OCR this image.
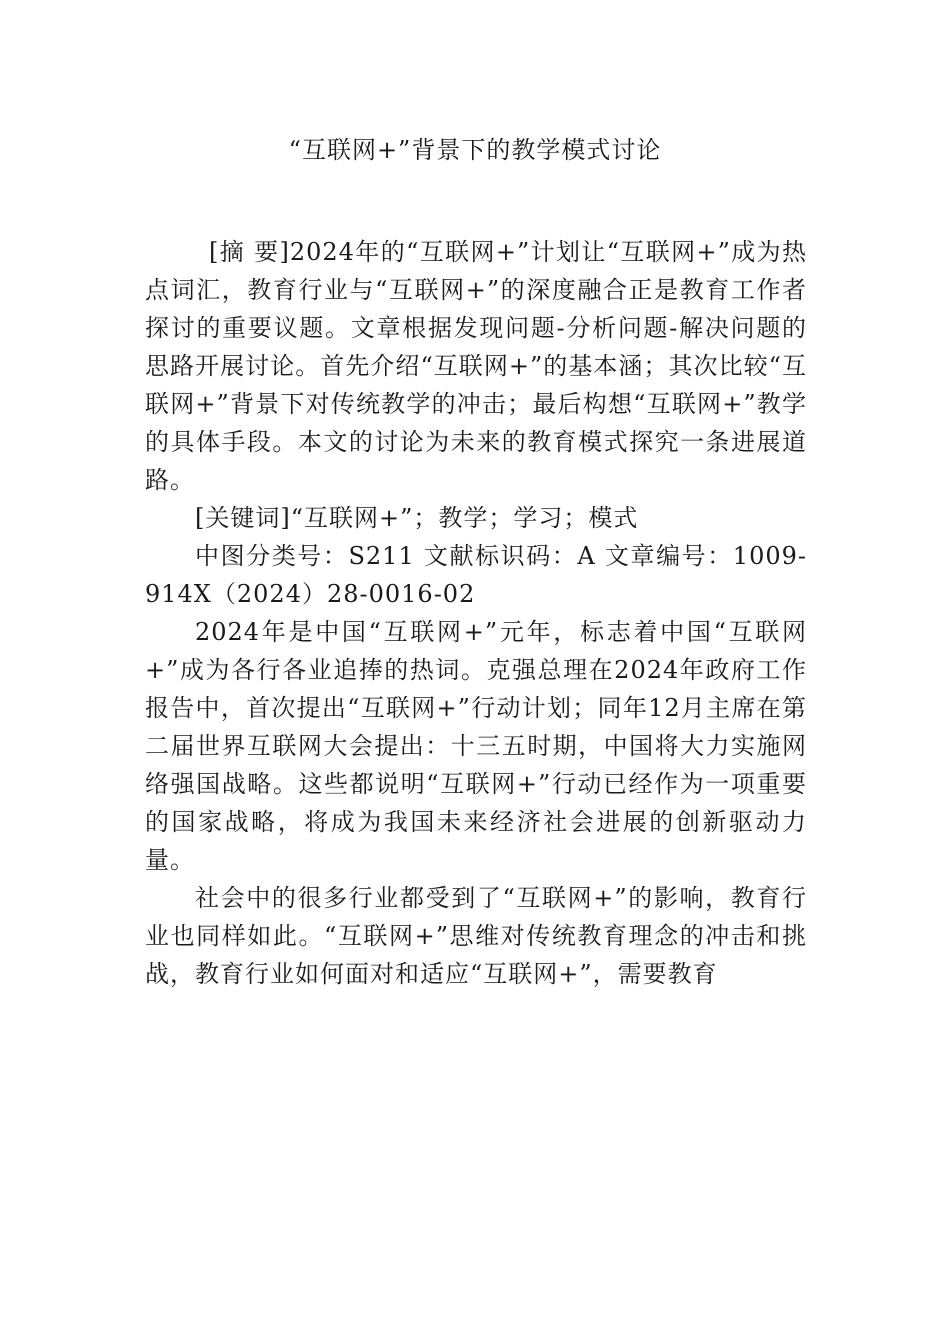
“互联网+”背景下的教学模式讨论

[摘 要]2024年的“互联网+”计划让“互联网+”成为热点词汇，教育行业与“互联网+”的深度融合正是教育工作者探讨的重要议题。文章根据发现问题-分析问题-解决问题的思路开展讨论。首先介绍“互联网+”的基本涵；其次比较“互联网+”背景下对传统教学的冲击；最后构想“互联网+”教学的具体手段。本文的讨论为未来的教育模式探究一条进展道路。

[关键词]“互联网+”；教学；学习；模式

中图分类号：S211 文献标识码：A 文章编号：1009-914X（2024）28-0016-02

2024年是中国“互联网+”元年，标志着中国“互联网+”成为各行各业追捧的热词。克强总理在2024年政府工作报告中，首次提出“互联网+”行动计划；同年12月主席在第二届世界互联网大会提出：十三五时期，中国将大力实施网络强国战略。这些都说明“互联网+”行动已经作为一项重要的国家战略，将成为我国未来经济社会进展的创新驱动力量。

社会中的很多行业都受到了“互联网+”的影响，教育行业也同样如此。“互联网+”思维对传统教育理念的冲击和挑战，教育行业如何面对和适应“互联网+”，需要教育
